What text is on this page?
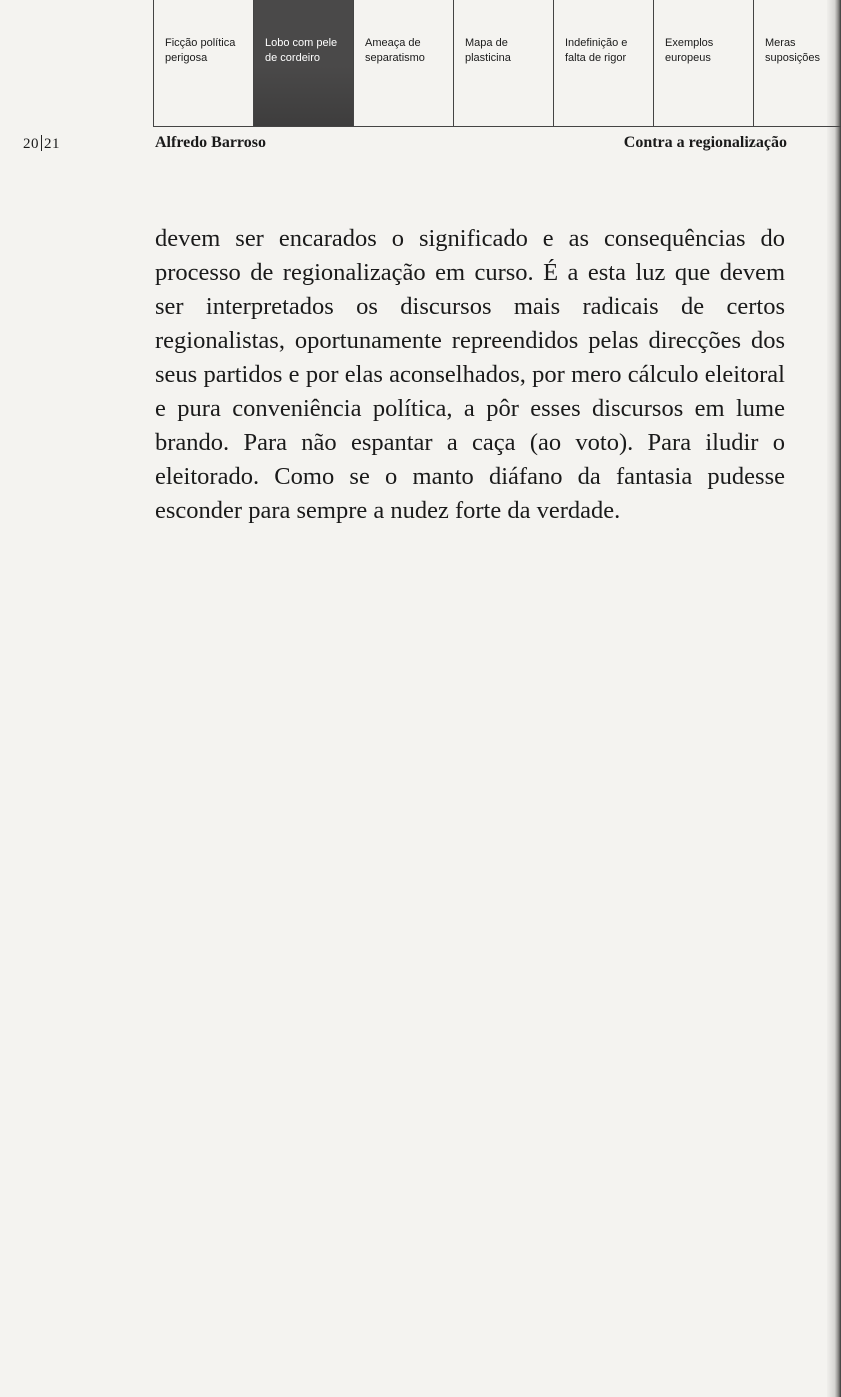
Ficção política
perigosa
Lobo com pele
de cordeiro
Ameaça de
separatismo
Mapa de
plasticina
Indefinição e
falta de rigor
Exemplos
europeus
Meras
suposições
20 21	Alfredo Barroso	Contra a regionalização

devem ser encarados o significado e as consequências do processo de regionalização em curso. É a esta luz que devem ser interpretados os discursos mais radicais de certos regionalistas, oportunamente repreendidos pelas direcções dos seus partidos e por elas aconselhados, por mero cálculo eleitoral e pura conveniência política, a pôr esses discursos em lume brando. Para não espantar a caça (ao voto). Para iludir o eleitorado. Como se o manto diáfano da fantasia pudesse esconder para sempre a nudez forte da verdade.
